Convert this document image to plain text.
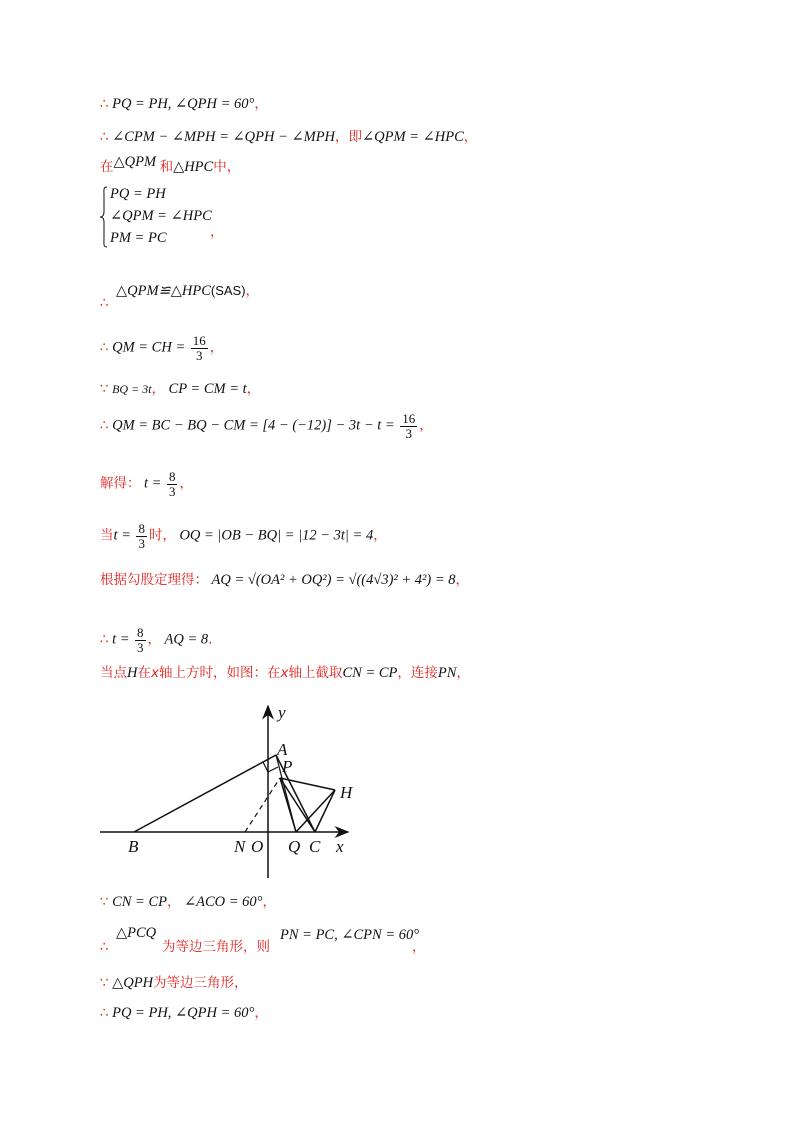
∴ PQ = PH, ∠QPH = 60°，
∴ ∠CPM − ∠MPH = ∠QPH − ∠MPH，即∠QPM = ∠HPC，
在△QPM 和△HPC中，
PQ = PH
∠QPM = ∠HPC
PM = PC	，
△QPM≌△HPC(SAS)，
∴
∴ QM = CH = $\frac{16}{3}$ ，
∵ BQ = 3t， CP = CM = t，
∴ QM = BC − BQ − CM = $[4 - (-12)] - 3t - t = \frac{16}{3}$ ，
解得： $t = \frac{8}{3}$ ，
当$t = \frac{8}{3}$ 时， OQ = |OB − BQ| = |12 − 3t| = 4，
根据勾股定理得： AQ = √(OA² + OQ²) = √((4√3)² + 4²) = 8，
∴ $t = \frac{8}{3}$ ， AQ = 8.
当点H在x轴上方时，如图：在x轴上截取CN = CP，连接PN，
y
x
A
P
H
B	N O Q C
∵ CN = CP， ∠ACO = 60°，
∴
△PCQ
为等边三角形，则
PN = PC, ∠CPN = 60°
，
∵ △QPH为等边三角形，
∴ PQ = PH, ∠QPH = 60°，
